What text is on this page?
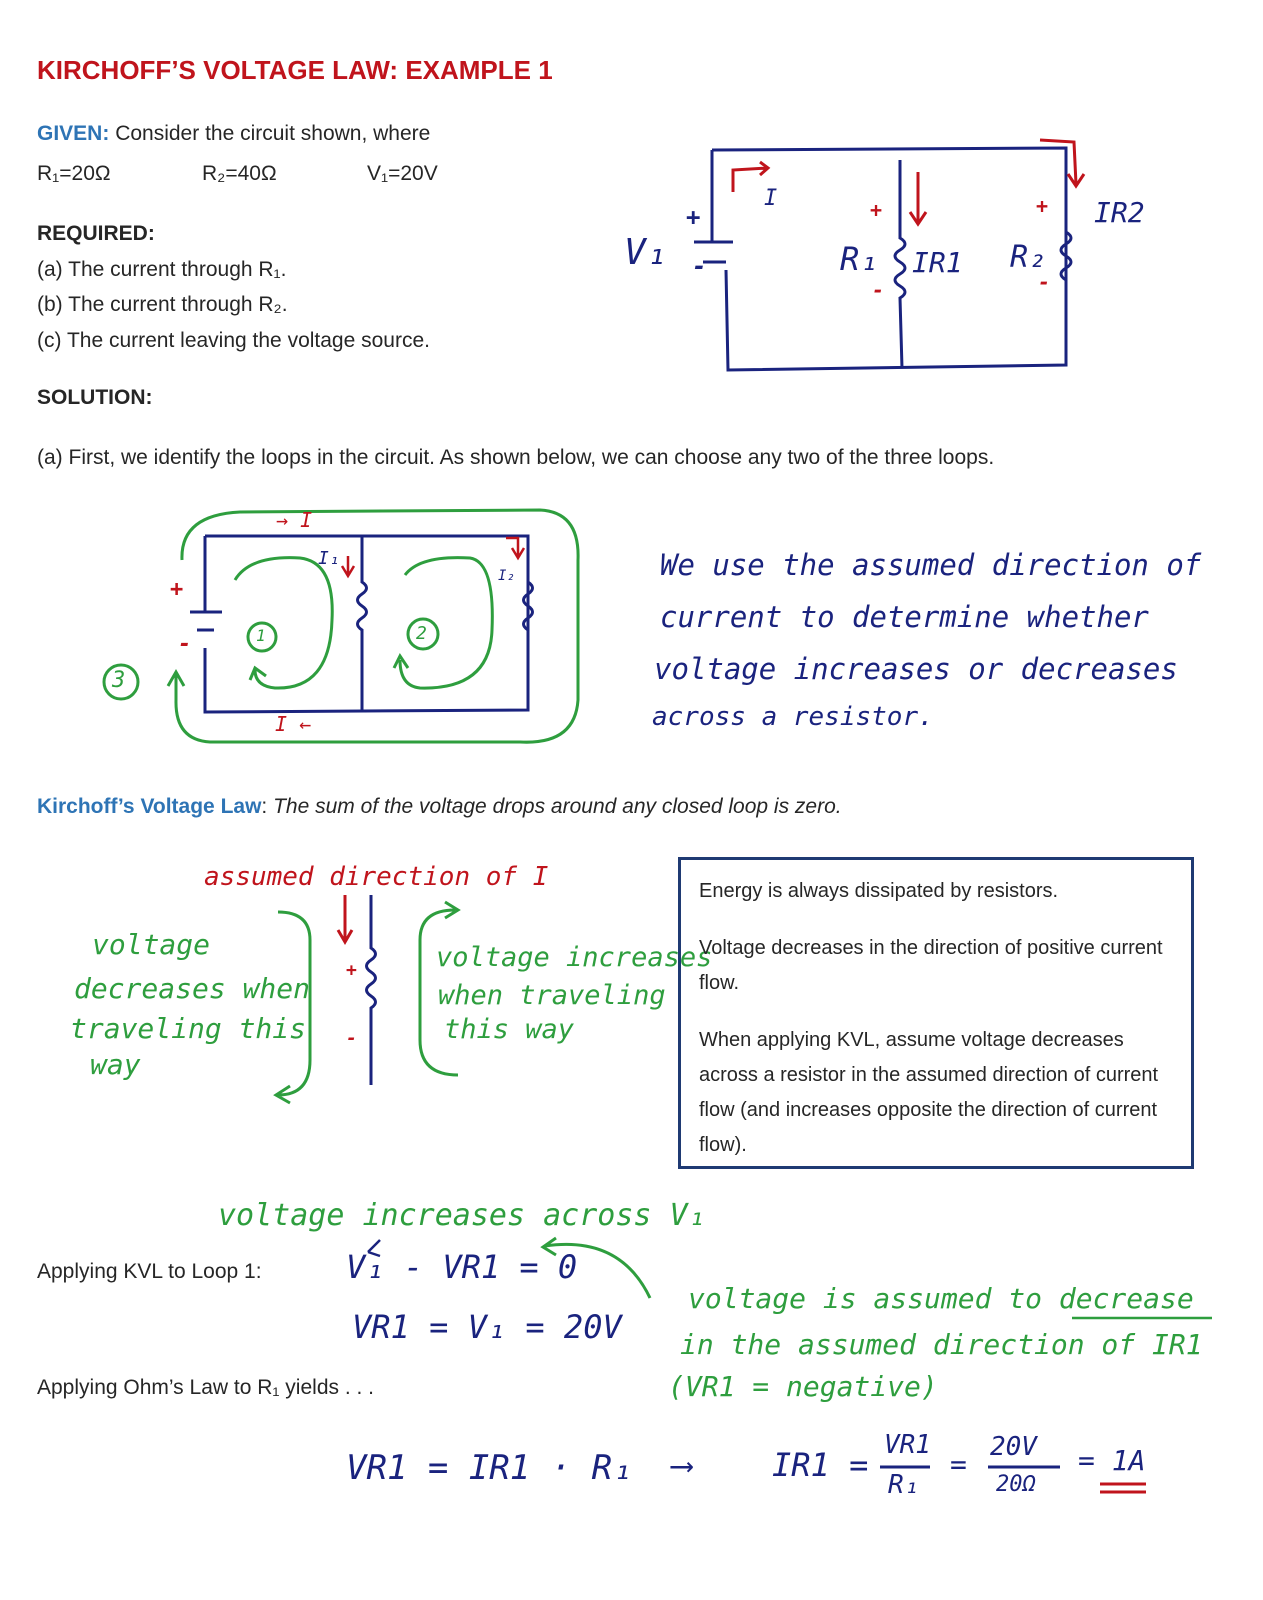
KIRCHOFF’S VOLTAGE LAW: EXAMPLE 1
GIVEN: Consider the circuit shown, where
R₁=20Ω	R₂=40Ω	V₁=20V
REQUIRED:
(a) The current through R₁.
(b) The current through R₂.
(c) The current leaving the voltage source.
SOLUTION:
(a) First, we identify the loops in the circuit. As shown below, we can choose any two of the three loops.
V₁
+
-
I
R₁
+
-
IR1 R₂
+
-
IR2
→ I
I₁
I₂
I ←
+
-	1	2
3
We use the assumed direction of
current to determine whether
voltage increases or decreases
across a resistor.
Kirchoff’s Voltage Law: The sum of the voltage drops around any closed loop is zero.
assumed direction of I
voltage
decreases when
traveling this
way
voltage increases
when traveling
this way
+
-

Energy is always dissipated by resistors.

Voltage decreases in the direction of positive current flow.

When applying KVL, assume voltage decreases across a resistor in the assumed direction of current flow (and increases opposite the direction of current flow).

voltage increases across V₁
Applying KVL to Loop 1:	V₁ - VR1 = 0
VR1 = V₁ = 20V
voltage is assumed to decrease
in the assumed direction of IR1
(VR1 = negative)
Applying Ohm’s Law to R₁ yields . . .
VR1 = IR1 · R₁ ⟶	IR1 =
VR1
R₁
=
20V
20Ω
= 1A
